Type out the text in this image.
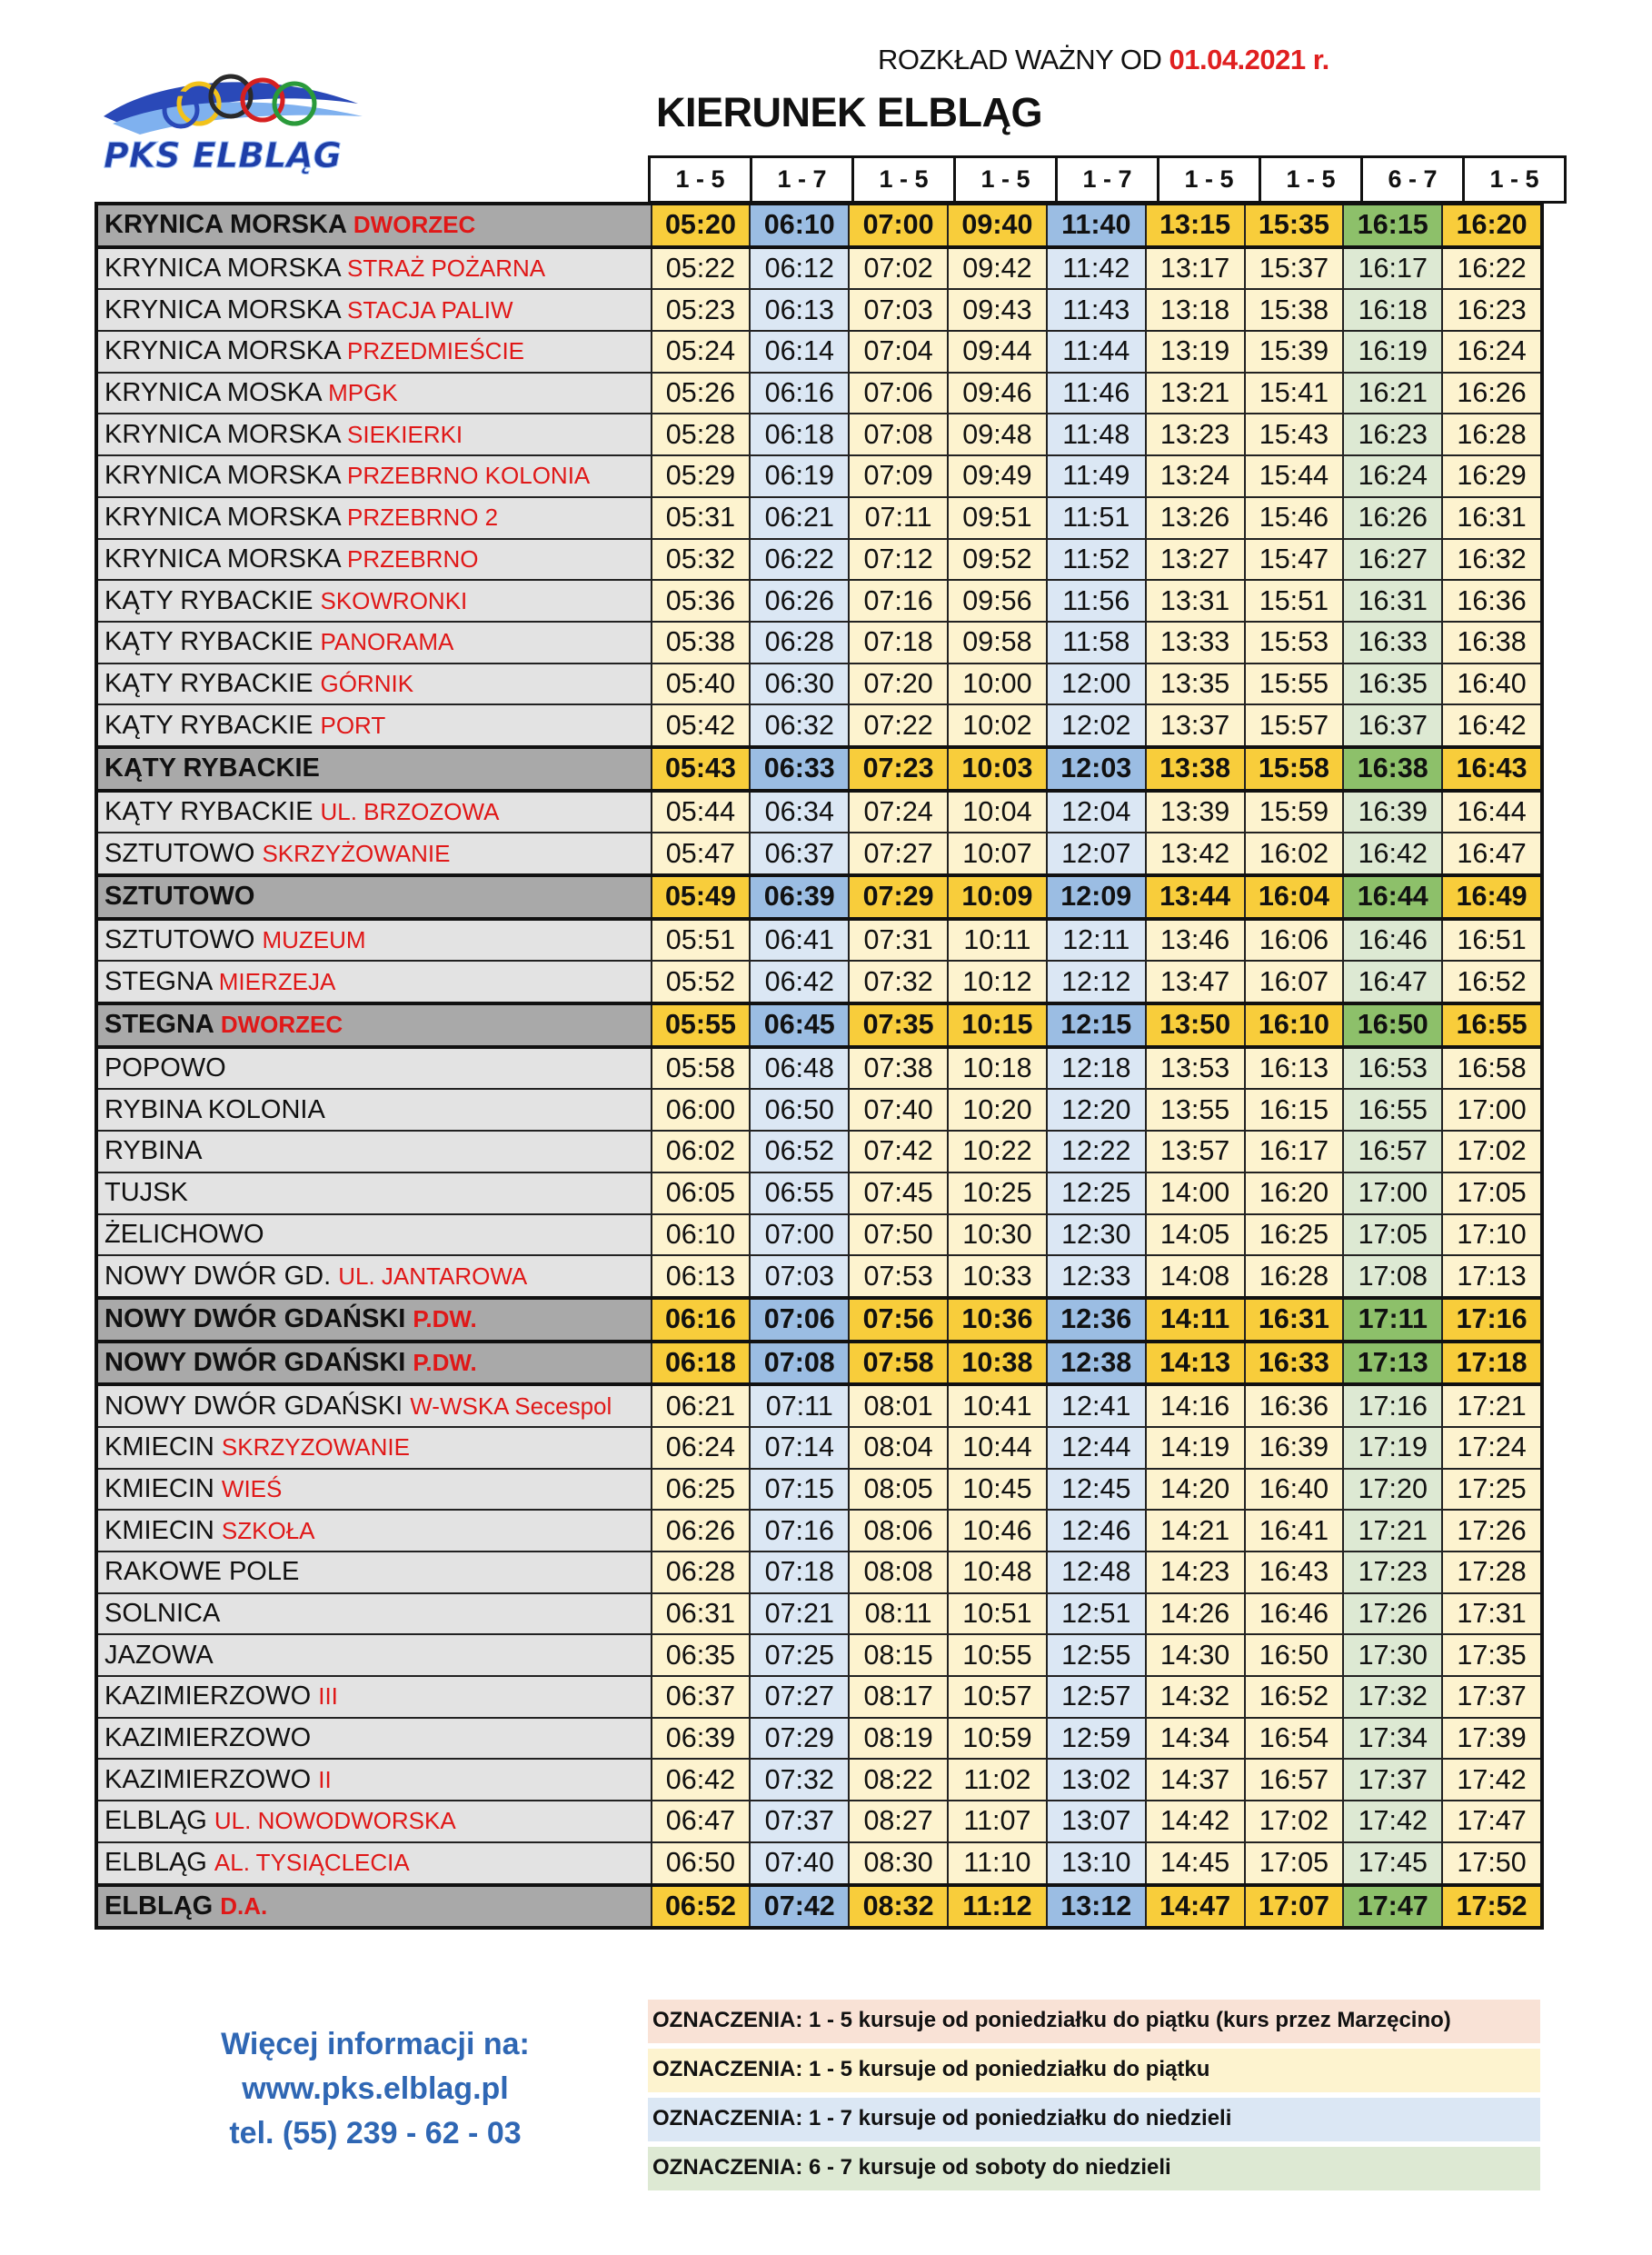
PKS ELBLĄG
ROZKŁAD WAŻNY OD 01.04.2021 r.
KIERUNEK ELBLĄG
1 - 5	1 - 7	1 - 5	1 - 5	1 - 7	1 - 5	1 - 5	6 - 7	1 - 5
KRYNICA MORSKA DWORZEC	05:20	06:10	07:00	09:40	11:40	13:15	15:35	16:15	16:20
KRYNICA MORSKA STRAŻ POŻARNA	05:22	06:12	07:02	09:42	11:42	13:17	15:37	16:17	16:22
KRYNICA MORSKA STACJA PALIW	05:23	06:13	07:03	09:43	11:43	13:18	15:38	16:18	16:23
KRYNICA MORSKA PRZEDMIEŚCIE	05:24	06:14	07:04	09:44	11:44	13:19	15:39	16:19	16:24
KRYNICA MOSKA MPGK	05:26	06:16	07:06	09:46	11:46	13:21	15:41	16:21	16:26
KRYNICA MORSKA SIEKIERKI	05:28	06:18	07:08	09:48	11:48	13:23	15:43	16:23	16:28
KRYNICA MORSKA PRZEBRNO KOLONIA	05:29	06:19	07:09	09:49	11:49	13:24	15:44	16:24	16:29
KRYNICA MORSKA PRZEBRNO 2	05:31	06:21	07:11	09:51	11:51	13:26	15:46	16:26	16:31
KRYNICA MORSKA PRZEBRNO	05:32	06:22	07:12	09:52	11:52	13:27	15:47	16:27	16:32
KĄTY RYBACKIE SKOWRONKI	05:36	06:26	07:16	09:56	11:56	13:31	15:51	16:31	16:36
KĄTY RYBACKIE PANORAMA	05:38	06:28	07:18	09:58	11:58	13:33	15:53	16:33	16:38
KĄTY RYBACKIE GÓRNIK	05:40	06:30	07:20	10:00	12:00	13:35	15:55	16:35	16:40
KĄTY RYBACKIE PORT	05:42	06:32	07:22	10:02	12:02	13:37	15:57	16:37	16:42
KĄTY RYBACKIE	05:43	06:33	07:23	10:03	12:03	13:38	15:58	16:38	16:43
KĄTY RYBACKIE UL. BRZOZOWA	05:44	06:34	07:24	10:04	12:04	13:39	15:59	16:39	16:44
SZTUTOWO SKRZYŻOWANIE	05:47	06:37	07:27	10:07	12:07	13:42	16:02	16:42	16:47
SZTUTOWO	05:49	06:39	07:29	10:09	12:09	13:44	16:04	16:44	16:49
SZTUTOWO MUZEUM	05:51	06:41	07:31	10:11	12:11	13:46	16:06	16:46	16:51
STEGNA MIERZEJA	05:52	06:42	07:32	10:12	12:12	13:47	16:07	16:47	16:52
STEGNA DWORZEC	05:55	06:45	07:35	10:15	12:15	13:50	16:10	16:50	16:55
POPOWO	05:58	06:48	07:38	10:18	12:18	13:53	16:13	16:53	16:58
RYBINA KOLONIA	06:00	06:50	07:40	10:20	12:20	13:55	16:15	16:55	17:00
RYBINA	06:02	06:52	07:42	10:22	12:22	13:57	16:17	16:57	17:02
TUJSK	06:05	06:55	07:45	10:25	12:25	14:00	16:20	17:00	17:05
ŻELICHOWO	06:10	07:00	07:50	10:30	12:30	14:05	16:25	17:05	17:10
NOWY DWÓR GD. UL. JANTAROWA	06:13	07:03	07:53	10:33	12:33	14:08	16:28	17:08	17:13
NOWY DWÓR GDAŃSKI P.DW.	06:16	07:06	07:56	10:36	12:36	14:11	16:31	17:11	17:16
NOWY DWÓR GDAŃSKI P.DW.	06:18	07:08	07:58	10:38	12:38	14:13	16:33	17:13	17:18
NOWY DWÓR GDAŃSKI W-WSKA Secespol	06:21	07:11	08:01	10:41	12:41	14:16	16:36	17:16	17:21
KMIECIN SKRZYZOWANIE	06:24	07:14	08:04	10:44	12:44	14:19	16:39	17:19	17:24
KMIECIN WIEŚ	06:25	07:15	08:05	10:45	12:45	14:20	16:40	17:20	17:25
KMIECIN SZKOŁA	06:26	07:16	08:06	10:46	12:46	14:21	16:41	17:21	17:26
RAKOWE POLE	06:28	07:18	08:08	10:48	12:48	14:23	16:43	17:23	17:28
SOLNICA	06:31	07:21	08:11	10:51	12:51	14:26	16:46	17:26	17:31
JAZOWA	06:35	07:25	08:15	10:55	12:55	14:30	16:50	17:30	17:35
KAZIMIERZOWO III	06:37	07:27	08:17	10:57	12:57	14:32	16:52	17:32	17:37
KAZIMIERZOWO	06:39	07:29	08:19	10:59	12:59	14:34	16:54	17:34	17:39
KAZIMIERZOWO II	06:42	07:32	08:22	11:02	13:02	14:37	16:57	17:37	17:42
ELBLĄG UL. NOWODWORSKA	06:47	07:37	08:27	11:07	13:07	14:42	17:02	17:42	17:47
ELBLĄG AL. TYSIĄCLECIA	06:50	07:40	08:30	11:10	13:10	14:45	17:05	17:45	17:50
ELBLĄG D.A.	06:52	07:42	08:32	11:12	13:12	14:47	17:07	17:47	17:52
Więcej informacji na:
www.pks.elblag.pl
tel. (55) 239 - 62 - 03
OZNACZENIA: 1 - 5 kursuje od poniedziałku do piątku (kurs przez Marzęcino)
OZNACZENIA: 1 - 5 kursuje od poniedziałku do piątku
OZNACZENIA: 1 - 7 kursuje od poniedziałku do niedzieli
OZNACZENIA: 6 - 7 kursuje od soboty do niedzieli
